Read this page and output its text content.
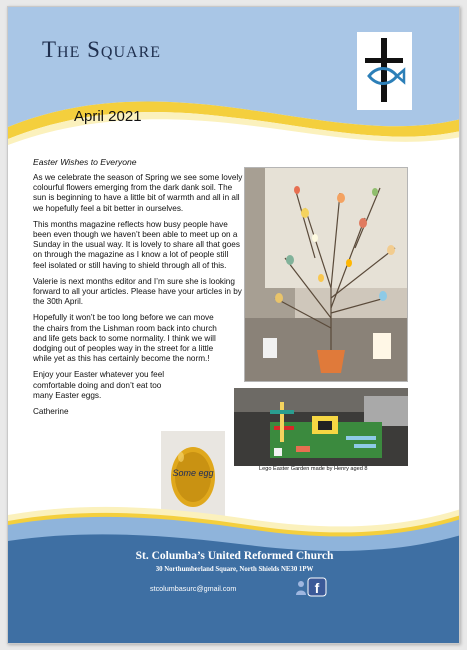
The Square
April 2021
Easter Wishes to Everyone

As we celebrate the season of Spring we see some lovely colourful flowers emerging from the dark dank soil. The sun is beginning to have a little bit of warmth and all in all we hopefully feel a bit better in ourselves.

This months magazine reflects how busy people have been even though we haven’t been able to meet up on a Sunday in the usual way. It is lovely to share all that goes on through the magazine as I know a lot of people still feel isolated or still having to shield through all of this.

Valerie is next months editor and I’m sure she is looking forward to all your articles. Please have your articles in by the 30th April.

Hopefully it won’t be too long before we can move the chairs from the Lishman room back into church and life gets back to some normality. I think we will dodging out of peoples way in the street for a little while yet as this has certainly become the norm.!

Enjoy your Easter whatever you feel comfortable doing and don’t eat too many Easter eggs.

Catherine
Lego Easter Garden made by Henry aged 8
Some egg
St. Columba’s United Reformed Church
30 Northumberland Square, North Shields NE30 1PW
stcolumbasurc@gmail.com	f
